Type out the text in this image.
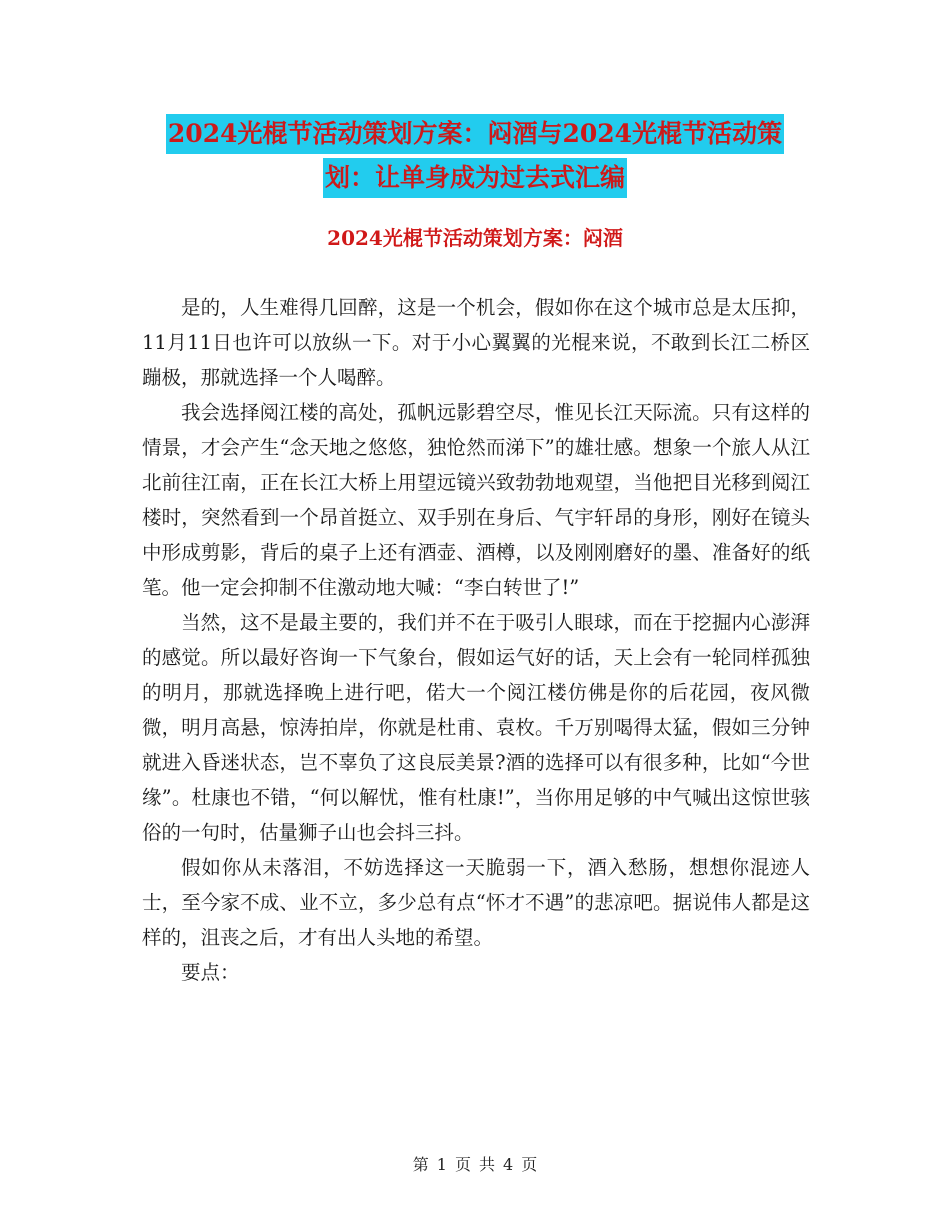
2024光棍节活动策划方案：闷酒与2024光棍节活动策
划：让单身成为过去式汇编
2024光棍节活动策划方案：闷酒

是的，人生难得几回醉，这是一个机会，假如你在这个城市总是太压抑，11月11日也许可以放纵一下。对于小心翼翼的光棍来说，不敢到长江二桥区蹦极，那就选择一个人喝醉。

我会选择阅江楼的高处，孤帆远影碧空尽，惟见长江天际流。只有这样的情景，才会产生“念天地之悠悠，独怆然而涕下”的雄壮感。想象一个旅人从江北前往江南，正在长江大桥上用望远镜兴致勃勃地观望，当他把目光移到阅江楼时，突然看到一个昂首挺立、双手别在身后、气宇轩昂的身形，刚好在镜头中形成剪影，背后的桌子上还有酒壶、酒樽，以及刚刚磨好的墨、准备好的纸笔。他一定会抑制不住激动地大喊：“李白转世了!”

当然，这不是最主要的，我们并不在于吸引人眼球，而在于挖掘内心澎湃的感觉。所以最好咨询一下气象台，假如运气好的话，天上会有一轮同样孤独的明月，那就选择晚上进行吧，偌大一个阅江楼仿佛是你的后花园，夜风微微，明月高悬，惊涛拍岸，你就是杜甫、袁枚。千万别喝得太猛，假如三分钟就进入昏迷状态，岂不辜负了这良辰美景?酒的选择可以有很多种，比如“今世缘”。杜康也不错，“何以解忧，惟有杜康!”，当你用足够的中气喊出这惊世骇俗的一句时，估量狮子山也会抖三抖。

假如你从未落泪，不妨选择这一天脆弱一下，酒入愁肠，想想你混迹人士，至今家不成、业不立，多少总有点“怀才不遇”的悲凉吧。据说伟人都是这样的，沮丧之后，才有出人头地的希望。

要点：

第 1 页 共 4 页
